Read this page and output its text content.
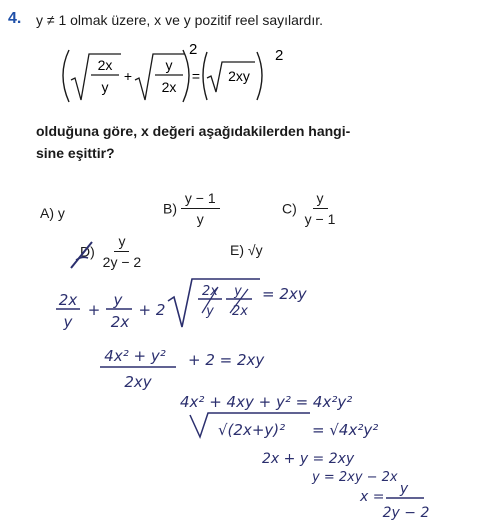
4. y ≠ 1 olmak üzere, x ve y pozitif reel sayılardır.
2x
y
+
y
2x
2
= 2xy
2
olduğuna göre, x değeri aşağıdakilerden hangi-
sine eşittir?
A) y	$B) \frac{y - 1}{y}$	$C) \frac{y}{y - 1}$
$D) \frac{y}{2y - 2}$	E) √y
2x
y
+
y
2x
+ 2
2x
y
y
2x
= 2xy
4x² + y²
2xy
+ 2 = 2xy
4x² + 4xy + y² = 4x²y²
√(2x+y)² = √4x²y²
2x + y = 2xy
y = 2xy − 2x
x = y
2y − 2
